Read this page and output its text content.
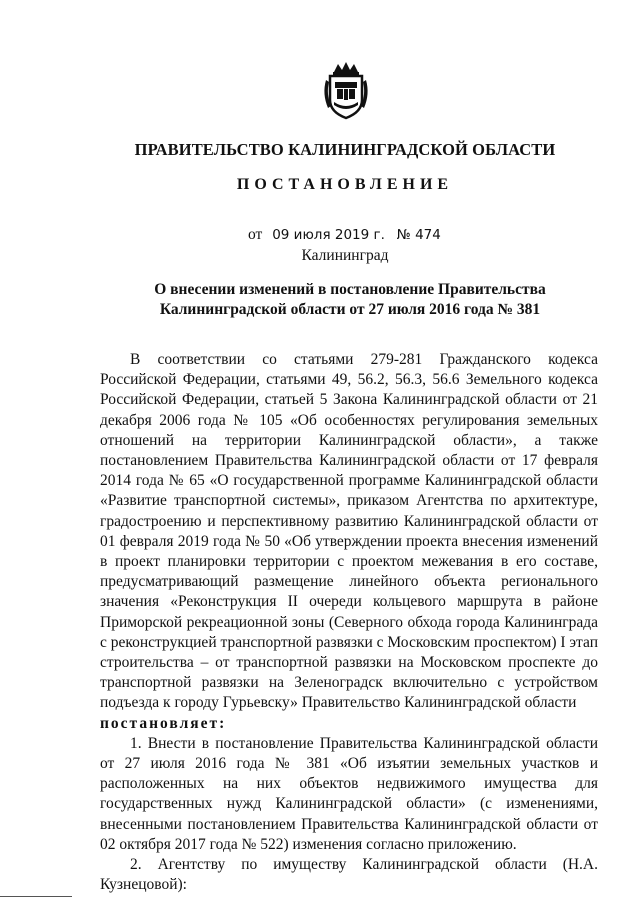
ПРАВИТЕЛЬСТВО КАЛИНИНГРАДСКОЙ ОБЛАСТИ
ПОСТАНОВЛЕНИЕ
от 09 июля 2019 г. № 474
Калининград
О внесении изменений в постановление Правительства
Калининградской области от 27 июля 2016 года № 381

В соответствии со статьями 279-281 Гражданского кодекса Российской Федерации, статьями 49, 56.2, 56.3, 56.6 Земельного кодекса Российской Федерации, статьей 5 Закона Калининградской области от 21 декабря 2006 года № 105 «Об особенностях регулирования земельных отношений на территории Калининградской области», а также постановлением Правительства Калининградской области от 17 февраля 2014 года № 65 «О государственной программе Калининградской области «Развитие транспортной системы», приказом Агентства по архитектуре, градостроению и перспективному развитию Калининградской области от 01 февраля 2019 года № 50 «Об утверждении проекта внесения изменений в проект планировки территории с проектом межевания в его составе, предусматривающий размещение линейного объекта регионального значения «Реконструкция II очереди кольцевого маршрута в районе Приморской рекреационной зоны (Северного обхода города Калининграда с реконструкцией транспортной развязки с Московским проспектом) I этап строительства – от транспортной развязки на Московском проспекте до транспортной развязки на Зеленоградск включительно с устройством подъезда к городу Гурьевску» Правительство Калининградской области

постановляет:

1. Внести в постановление Правительства Калининградской области от 27 июля 2016 года № 381 «Об изъятии земельных участков и расположенных на них объектов недвижимого имущества для государственных нужд Калининградской области» (с изменениями, внесенными постановлением Правительства Калининградской области от 02 октября 2017 года № 522) изменения согласно приложению.

2. Агентству по имуществу Калининградской области (Н.А. Кузнецовой):
